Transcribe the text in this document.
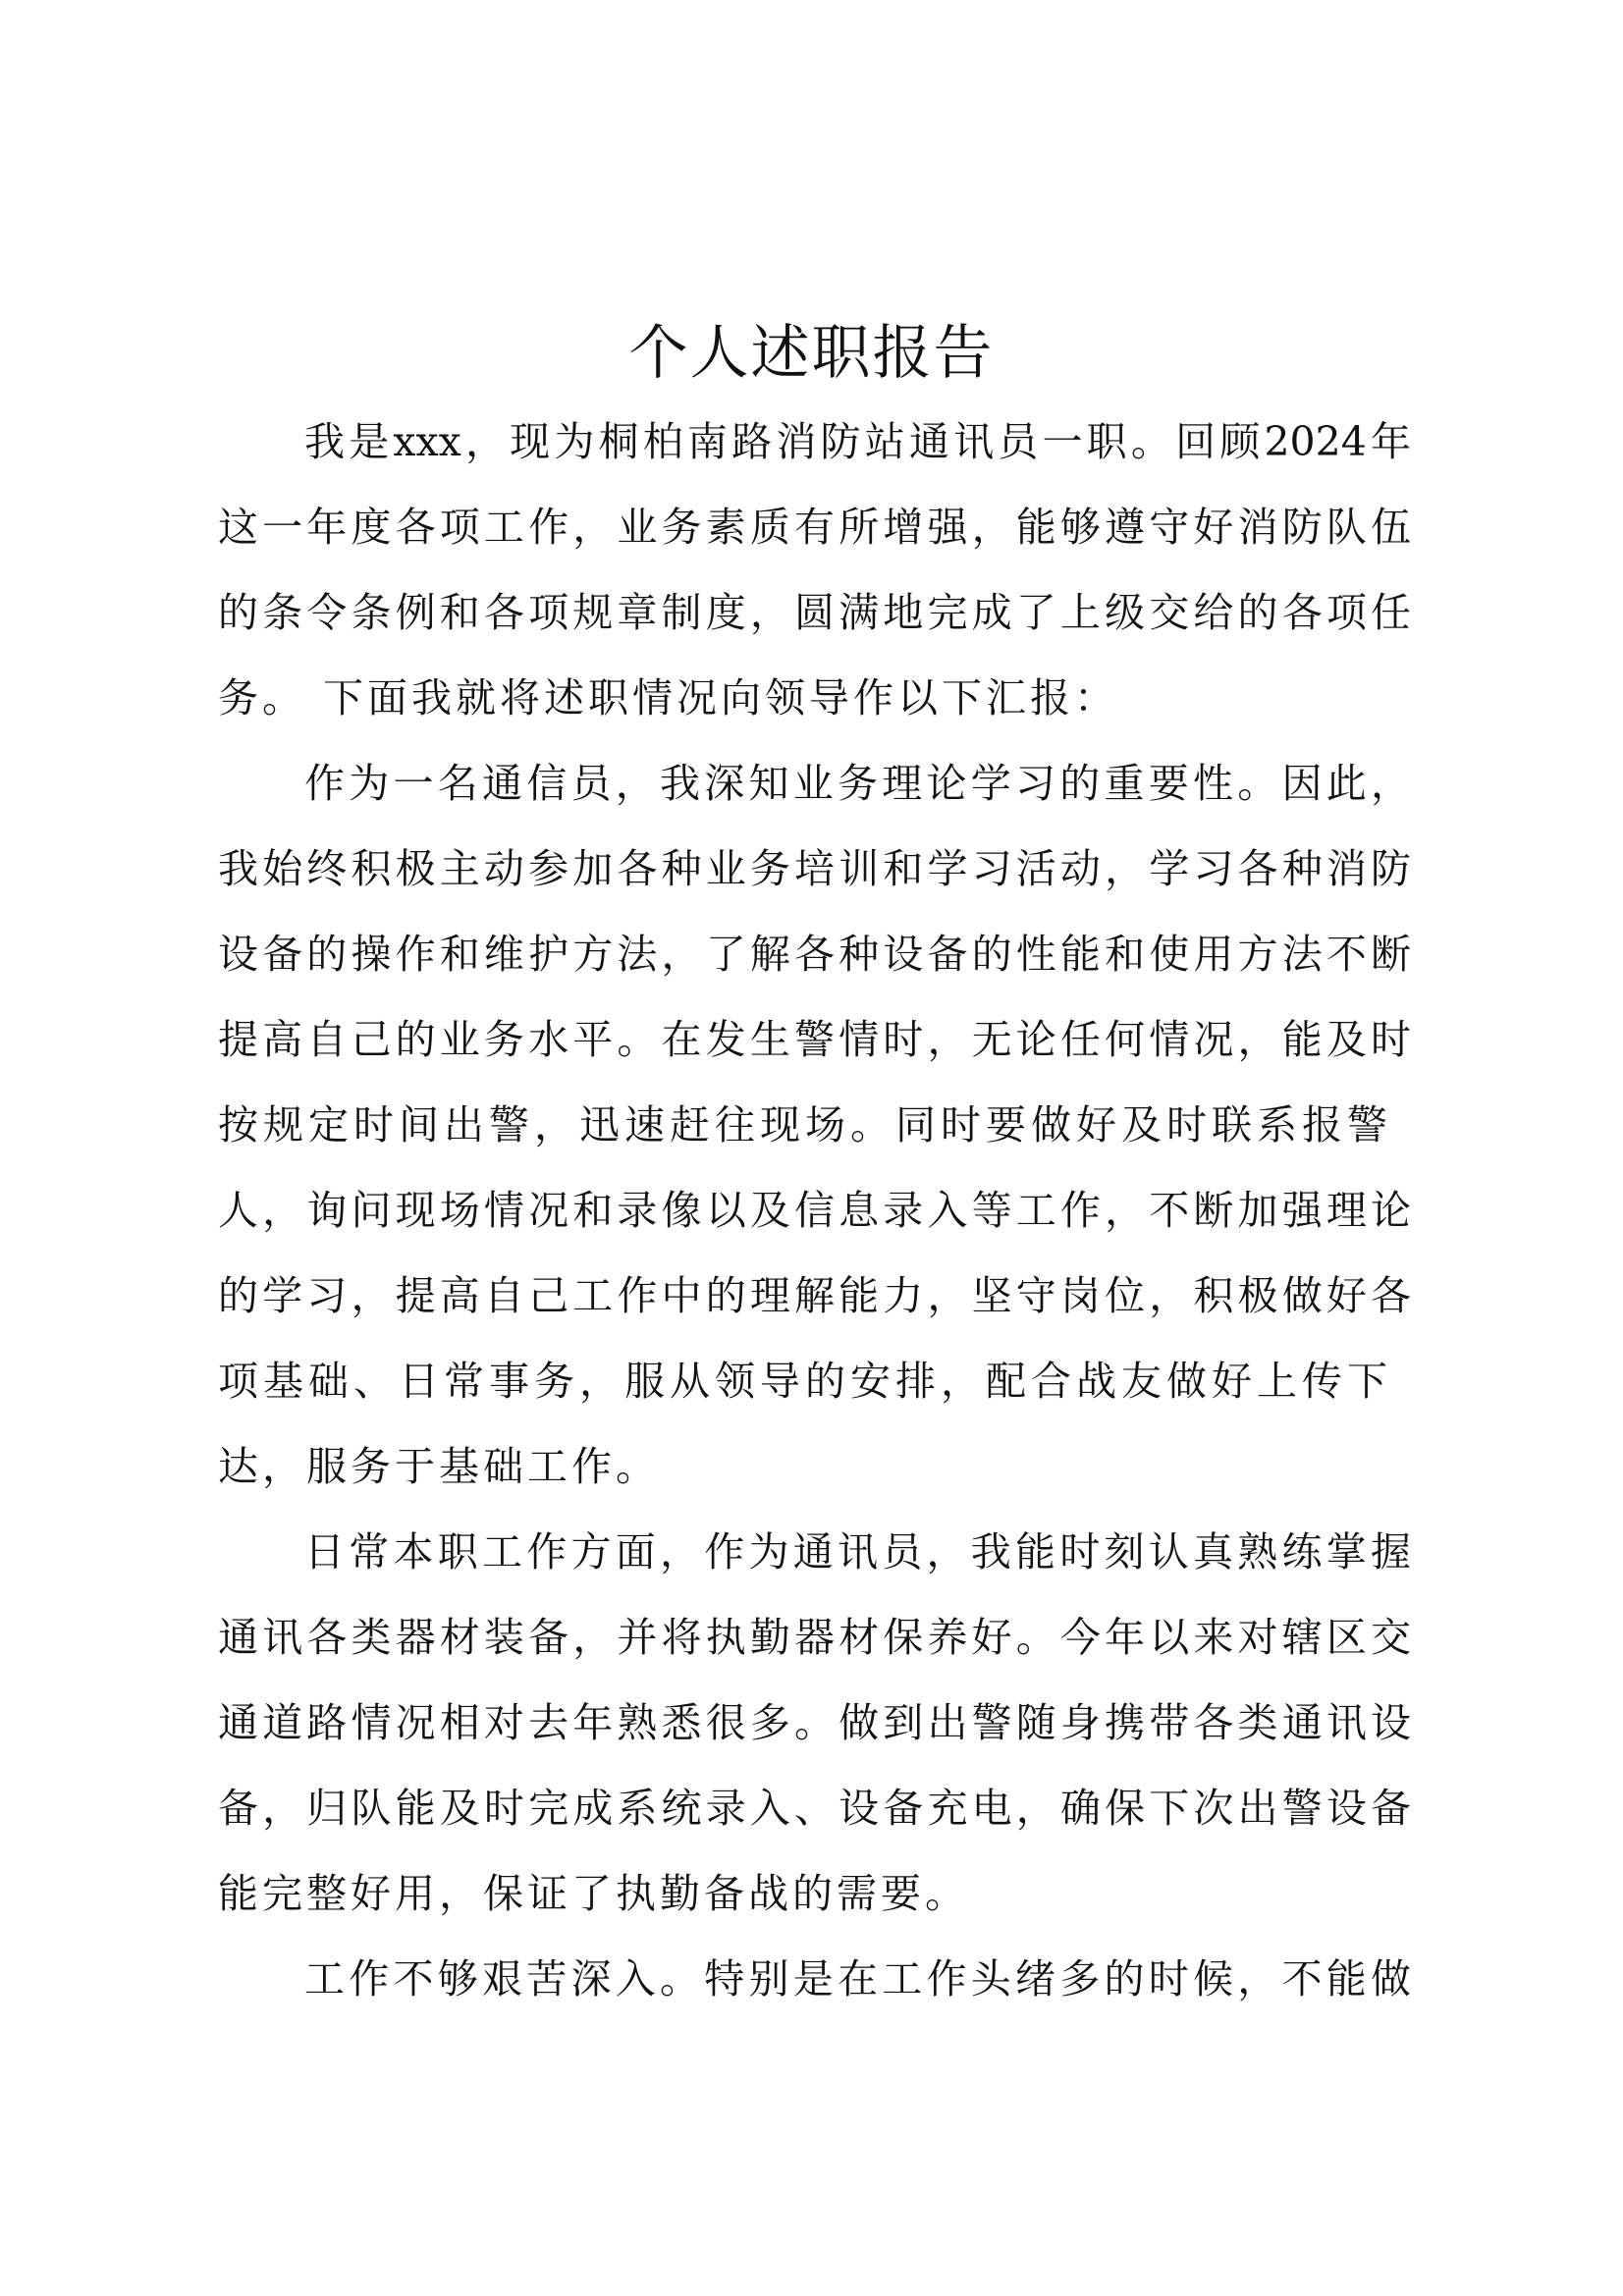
个人述职报告
我是xxx，现为桐柏南路消防站通讯员一职。回顾2024年
这一年度各项工作，业务素质有所增强，能够遵守好消防队伍
的条令条例和各项规章制度，圆满地完成了上级交给的各项任
务。 下面我就将述职情况向领导作以下汇报：
作为一名通信员，我深知业务理论学习的重要性。因此，
我始终积极主动参加各种业务培训和学习活动，学习各种消防
设备的操作和维护方法，了解各种设备的性能和使用方法不断
提高自己的业务水平。在发生警情时，无论任何情况，能及时
按规定时间出警，迅速赶往现场。同时要做好及时联系报警
人，询问现场情况和录像以及信息录入等工作，不断加强理论
的学习，提高自己工作中的理解能力，坚守岗位，积极做好各
项基础、日常事务，服从领导的安排，配合战友做好上传下
达，服务于基础工作。
日常本职工作方面，作为通讯员，我能时刻认真熟练掌握
通讯各类器材装备，并将执勤器材保养好。今年以来对辖区交
通道路情况相对去年熟悉很多。做到出警随身携带各类通讯设
备，归队能及时完成系统录入、设备充电，确保下次出警设备
能完整好用，保证了执勤备战的需要。
工作不够艰苦深入。特别是在工作头绪多的时候，不能做
